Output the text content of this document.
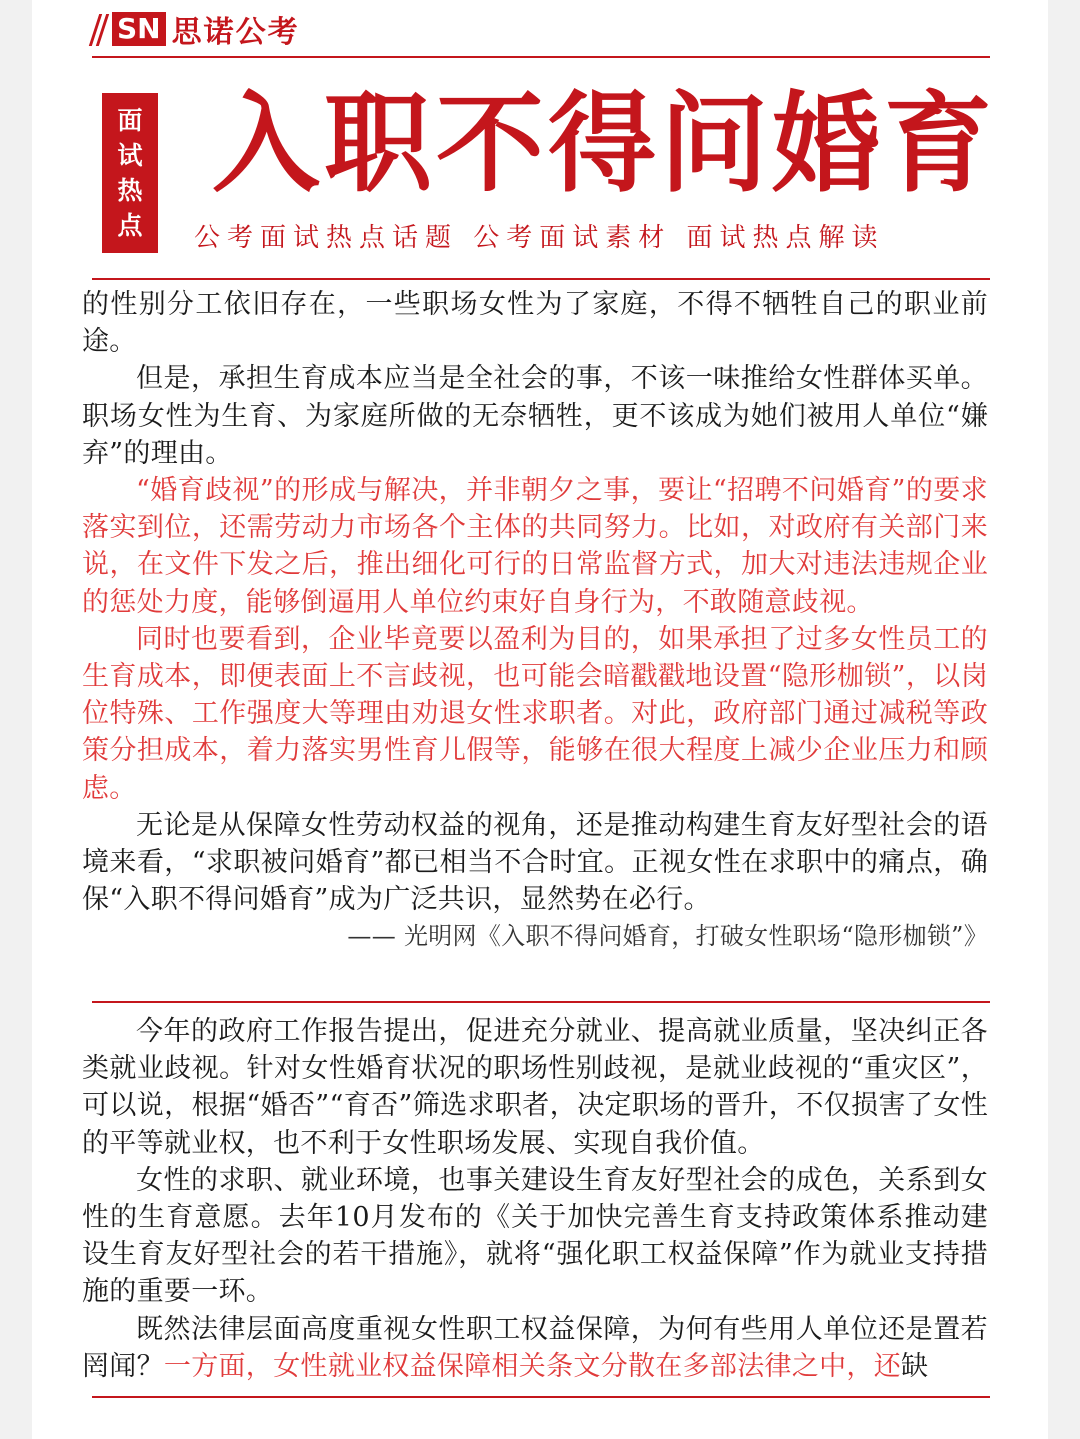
SN 思诺公考
面
试
热
点
入职不得问婚育
公考面试热点话题 公考面试素材 面试热点解读

的性别分工依旧存在，一些职场女性为了家庭，不得不牺牲自己的职业前途。

但是，承担生育成本应当是全社会的事，不该一味推给女性群体买单。职场女性为生育、为家庭所做的无奈牺牲，更不该成为她们被用人单位“嫌弃”的理由。

“婚育歧视”的形成与解决，并非朝夕之事，要让“招聘不问婚育”的要求落实到位，还需劳动力市场各个主体的共同努力。比如，对政府有关部门来说，在文件下发之后，推出细化可行的日常监督方式，加大对违法违规企业的惩处力度，能够倒逼用人单位约束好自身行为，不敢随意歧视。

同时也要看到，企业毕竟要以盈利为目的，如果承担了过多女性员工的生育成本，即便表面上不言歧视，也可能会暗戳戳地设置“隐形枷锁”，以岗位特殊、工作强度大等理由劝退女性求职者。对此，政府部门通过减税等政策分担成本，着力落实男性育儿假等，能够在很大程度上减少企业压力和顾虑。

无论是从保障女性劳动权益的视角，还是推动构建生育友好型社会的语境来看，“求职被问婚育”都已相当不合时宜。正视女性在求职中的痛点，确保“入职不得问婚育”成为广泛共识，显然势在必行。

—— 光明网《入职不得问婚育，打破女性职场“隐形枷锁”》

今年的政府工作报告提出，促进充分就业、提高就业质量，坚决纠正各类就业歧视。针对女性婚育状况的职场性别歧视，是就业歧视的“重灾区”，可以说，根据“婚否”“育否”筛选求职者，决定职场的晋升，不仅损害了女性的平等就业权，也不利于女性职场发展、实现自我价值。

女性的求职、就业环境，也事关建设生育友好型社会的成色，关系到女性的生育意愿。去年10月发布的《关于加快完善生育支持政策体系推动建设生育友好型社会的若干措施》，就将“强化职工权益保障”作为就业支持措施的重要一环。

既然法律层面高度重视女性职工权益保障，为何有些用人单位还是置若罔闻？一方面，女性就业权益保障相关条文分散在多部法律之中，还缺
